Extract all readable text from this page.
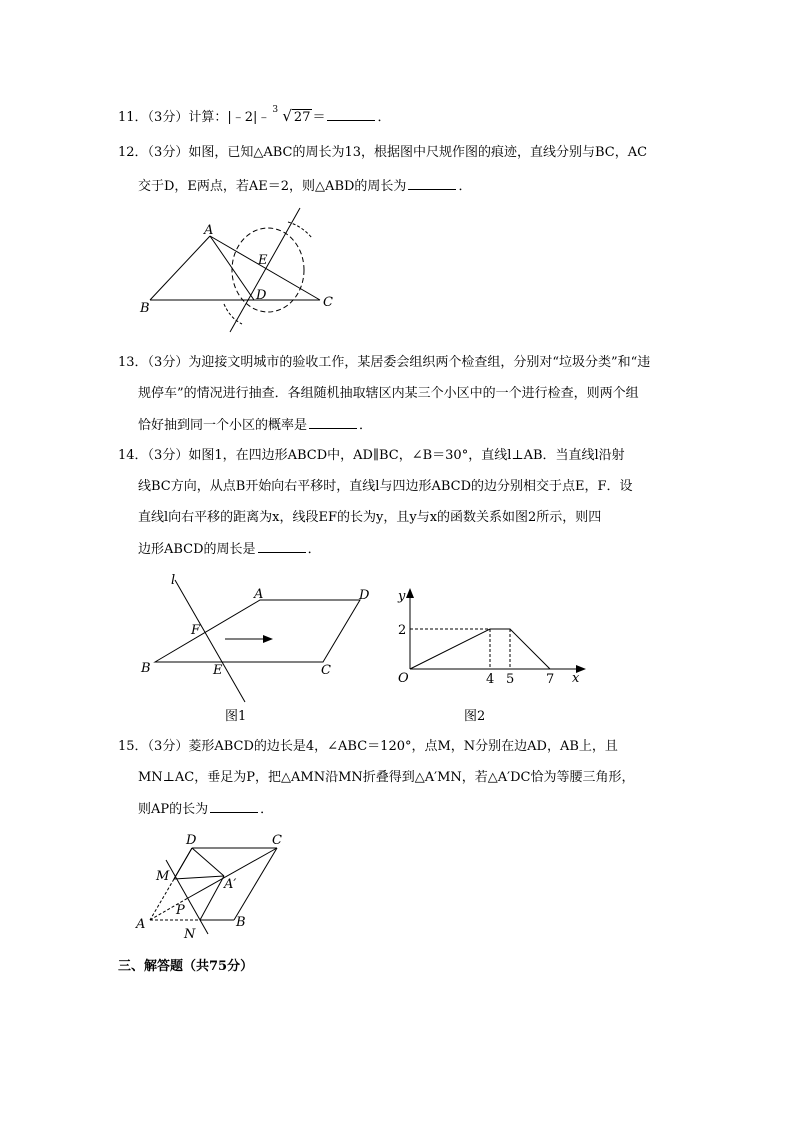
11．（3分）计算：|﹣2|﹣ 3 √ 27 ＝	．
12．（3分）如图，已知△ABC的周长为13，根据图中尺规作图的痕迹，直线分别与BC，AC
交于D，E两点，若AE＝2，则△ABD的周长为	．
A
B	C
D
E
13．（3分）为迎接文明城市的验收工作，某居委会组织两个检查组，分别对“垃圾分类”和“违
规停车”的情况进行抽查．各组随机抽取辖区内某三个小区中的一个进行检查，则两个组
恰好抽到同一个小区的概率是	．
14．（3分）如图1，在四边形ABCD中，AD∥BC，∠B＝30°，直线l⊥AB．当直线l沿射
线BC方向，从点B开始向右平移时，直线l与四边形ABCD的边分别相交于点E，F．设
直线l向右平移的距离为x，线段EF的长为y，且y与x的函数关系如图2所示，则四
边形ABCD的周长是	．
l
A	D
B	C
E
F
图1
4 5 7
2
y
x
O
图2
15．（3分）菱形ABCD的边长是4，∠ABC＝120°，点M，N分别在边AD，AB上，且
MN⊥AC，垂足为P，把△AMN沿MN折叠得到△A′MN，若△A′DC恰为等腰三角形，
则AP的长为	．
D	C
B
A
M
N
P
A′
三、解答题（共75分）
